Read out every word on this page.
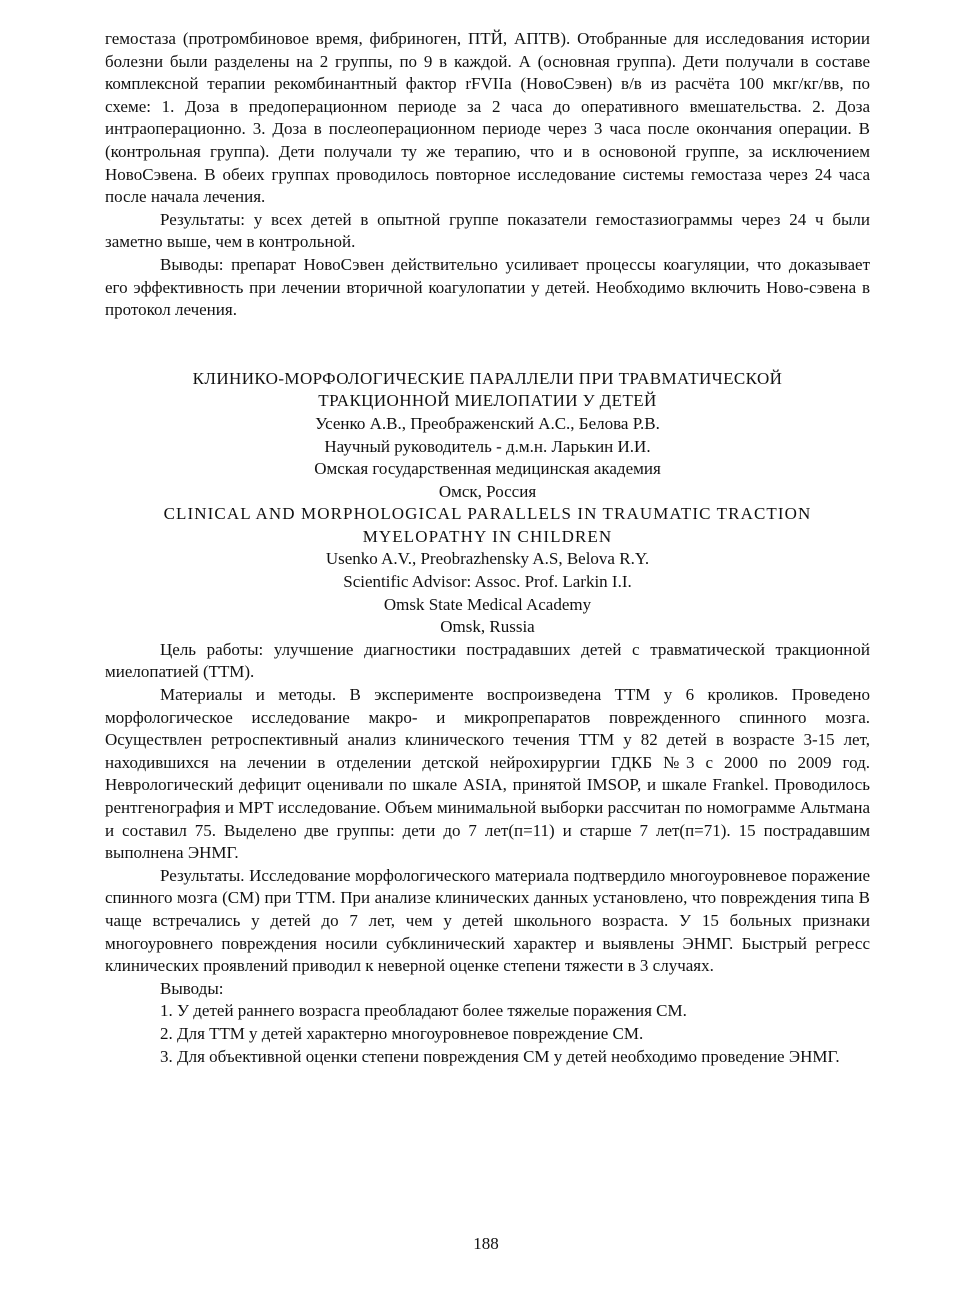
гемостаза (протромбиновое время, фибриноген, ПТЙ, АПТВ). Отобранные для исследования истории болезни были разделены на 2 группы, по 9 в каждой. А (основная группа). Дети получали в составе комплексной терапии рекомбинантный фактор rFVIIa (НовоСэвен) в/в из расчёта 100 мкг/кг/вв, по схеме: 1. Доза в предоперационном периоде за 2 часа до оперативного вмешательства. 2. Доза интраоперационно. 3. Доза в послеоперационном периоде через 3 часа после окончания операции. В (контрольная группа). Дети получали ту же терапию, что и в основоной группе, за исключением НовоСэвена. В обеих группах проводилось повторное исследование системы гемостаза через 24 часа после начала лечения.

Результаты: у всех детей в опытной группе показатели гемостазиограммы через 24 ч были заметно выше, чем в контрольной.

Выводы: препарат НовоСэвен действительно усиливает процессы коагуляции, что доказывает его эффективность при лечении вторичной коагулопатии у детей. Необходимо включить Ново-сэвена в протокол лечения.

КЛИНИКО-МОРФОЛОГИЧЕСКИЕ ПАРАЛЛЕЛИ ПРИ ТРАВМАТИЧЕСКОЙ

ТРАКЦИОННОЙ МИЕЛОПАТИИ У ДЕТЕЙ

Усенко А.В., Преображенский А.С., Белова Р.В.

Научный руководитель - д.м.н. Ларькин И.И.

Омская государственная медицинская академия

Омск, Россия

CLINICAL AND MORPHOLOGICAL PARALLELS IN TRAUMATIC TRACTION

MYELOPATHY IN CHILDREN

Usenko A.V., Preobrazhensky A.S, Belova R.Y.

Scientific Advisor: Assoc. Prof. Larkin I.I.

Omsk State Medical Academy

Omsk, Russia

Цель работы: улучшение диагностики пострадавших детей с травматической тракционной миелопатией (ТТМ).

Материалы и методы. В эксперименте воспроизведена ТТМ у 6 кроликов. Проведено морфологическое исследование макро- и микропрепаратов поврежденного спинного мозга. Осуществлен ретроспективный анализ клинического течения ТТМ у 82 детей в возрасте 3-15 лет, находившихся на лечении в отделении детской нейрохирургии ГДКБ №3 с 2000 по 2009 год. Неврологический дефицит оценивали по шкале ASIA, принятой IMSOP, и шкале Frankel. Проводилось рентгенография и МРТ исследование. Объем минимальной выборки рассчитан по номограмме Альтмана и составил 75. Выделено две группы: дети до 7 лет(п=11) и старше 7 лет(п=71). 15 пострадавшим выполнена ЭНМГ.

Результаты. Исследование морфологического материала подтвердило многоуровневое поражение спинного мозга (СМ) при ТТМ. При анализе клинических данных установлено, что повреждения типа В чаще встречались у детей до 7 лет, чем у детей школьного возраста. У 15 больных признаки многоуровнего повреждения носили субклинический характер и выявлены ЭНМГ. Быстрый регресс клинических проявлений приводил к неверной оценке степени тяжести в 3 случаях.

Выводы:

1. У детей раннего возрасга преобладают более тяжелые поражения СМ.

2. Для ТТМ у детей характерно многоуровневое повреждение СМ.

3. Для объективной оценки степени повреждения СМ у детей необходимо проведение ЭНМГ.

188
